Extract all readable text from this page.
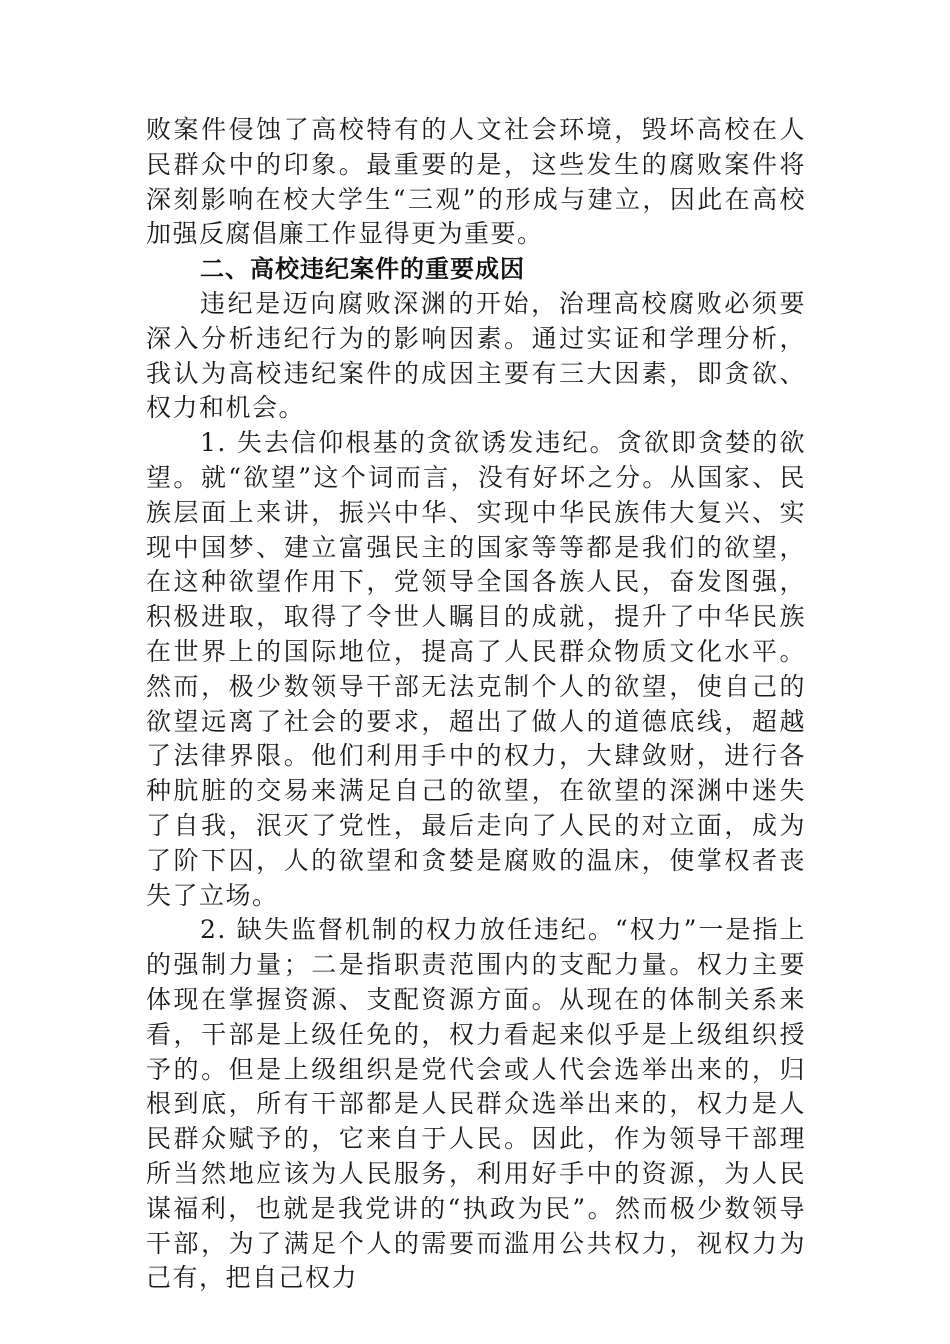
败案件侵蚀了高校特有的人文社会环境，毁坏高校在人民群众中的印象。最重要的是，这些发生的腐败案件将深刻影响在校大学生“三观”的形成与建立，因此在高校加强反腐倡廉工作显得更为重要。

二、高校违纪案件的重要成因

违纪是迈向腐败深渊的开始，治理高校腐败必须要深入分析违纪行为的影响因素。通过实证和学理分析，我认为高校违纪案件的成因主要有三大因素，即贪欲、权力和机会。

1. 失去信仰根基的贪欲诱发违纪。贪欲即贪婪的欲望。就“欲望”这个词而言，没有好坏之分。从国家、民族层面上来讲，振兴中华、实现中华民族伟大复兴、实现中国梦、建立富强民主的国家等等都是我们的欲望，在这种欲望作用下，党领导全国各族人民，奋发图强，积极进取，取得了令世人瞩目的成就，提升了中华民族在世界上的国际地位，提高了人民群众物质文化水平。然而，极少数领导干部无法克制个人的欲望，使自己的欲望远离了社会的要求，超出了做人的道德底线，超越了法律界限。他们利用手中的权力，大肆敛财，进行各种肮脏的交易来满足自己的欲望，在欲望的深渊中迷失了自我，泯灭了党性，最后走向了人民的对立面，成为了阶下囚，人的欲望和贪婪是腐败的温床，使掌权者丧失了立场。

2. 缺失监督机制的权力放任违纪。“权力”一是指上的强制力量；二是指职责范围内的支配力量。权力主要体现在掌握资源、支配资源方面。从现在的体制关系来看，干部是上级任免的，权力看起来似乎是上级组织授予的。但是上级组织是党代会或人代会选举出来的，归根到底，所有干部都是人民群众选举出来的，权力是人民群众赋予的，它来自于人民。因此，作为领导干部理所当然地应该为人民服务，利用好手中的资源，为人民谋福利，也就是我党讲的“执政为民”。然而极少数领导干部，为了满足个人的需要而滥用公共权力，视权力为己有，把自己权力
